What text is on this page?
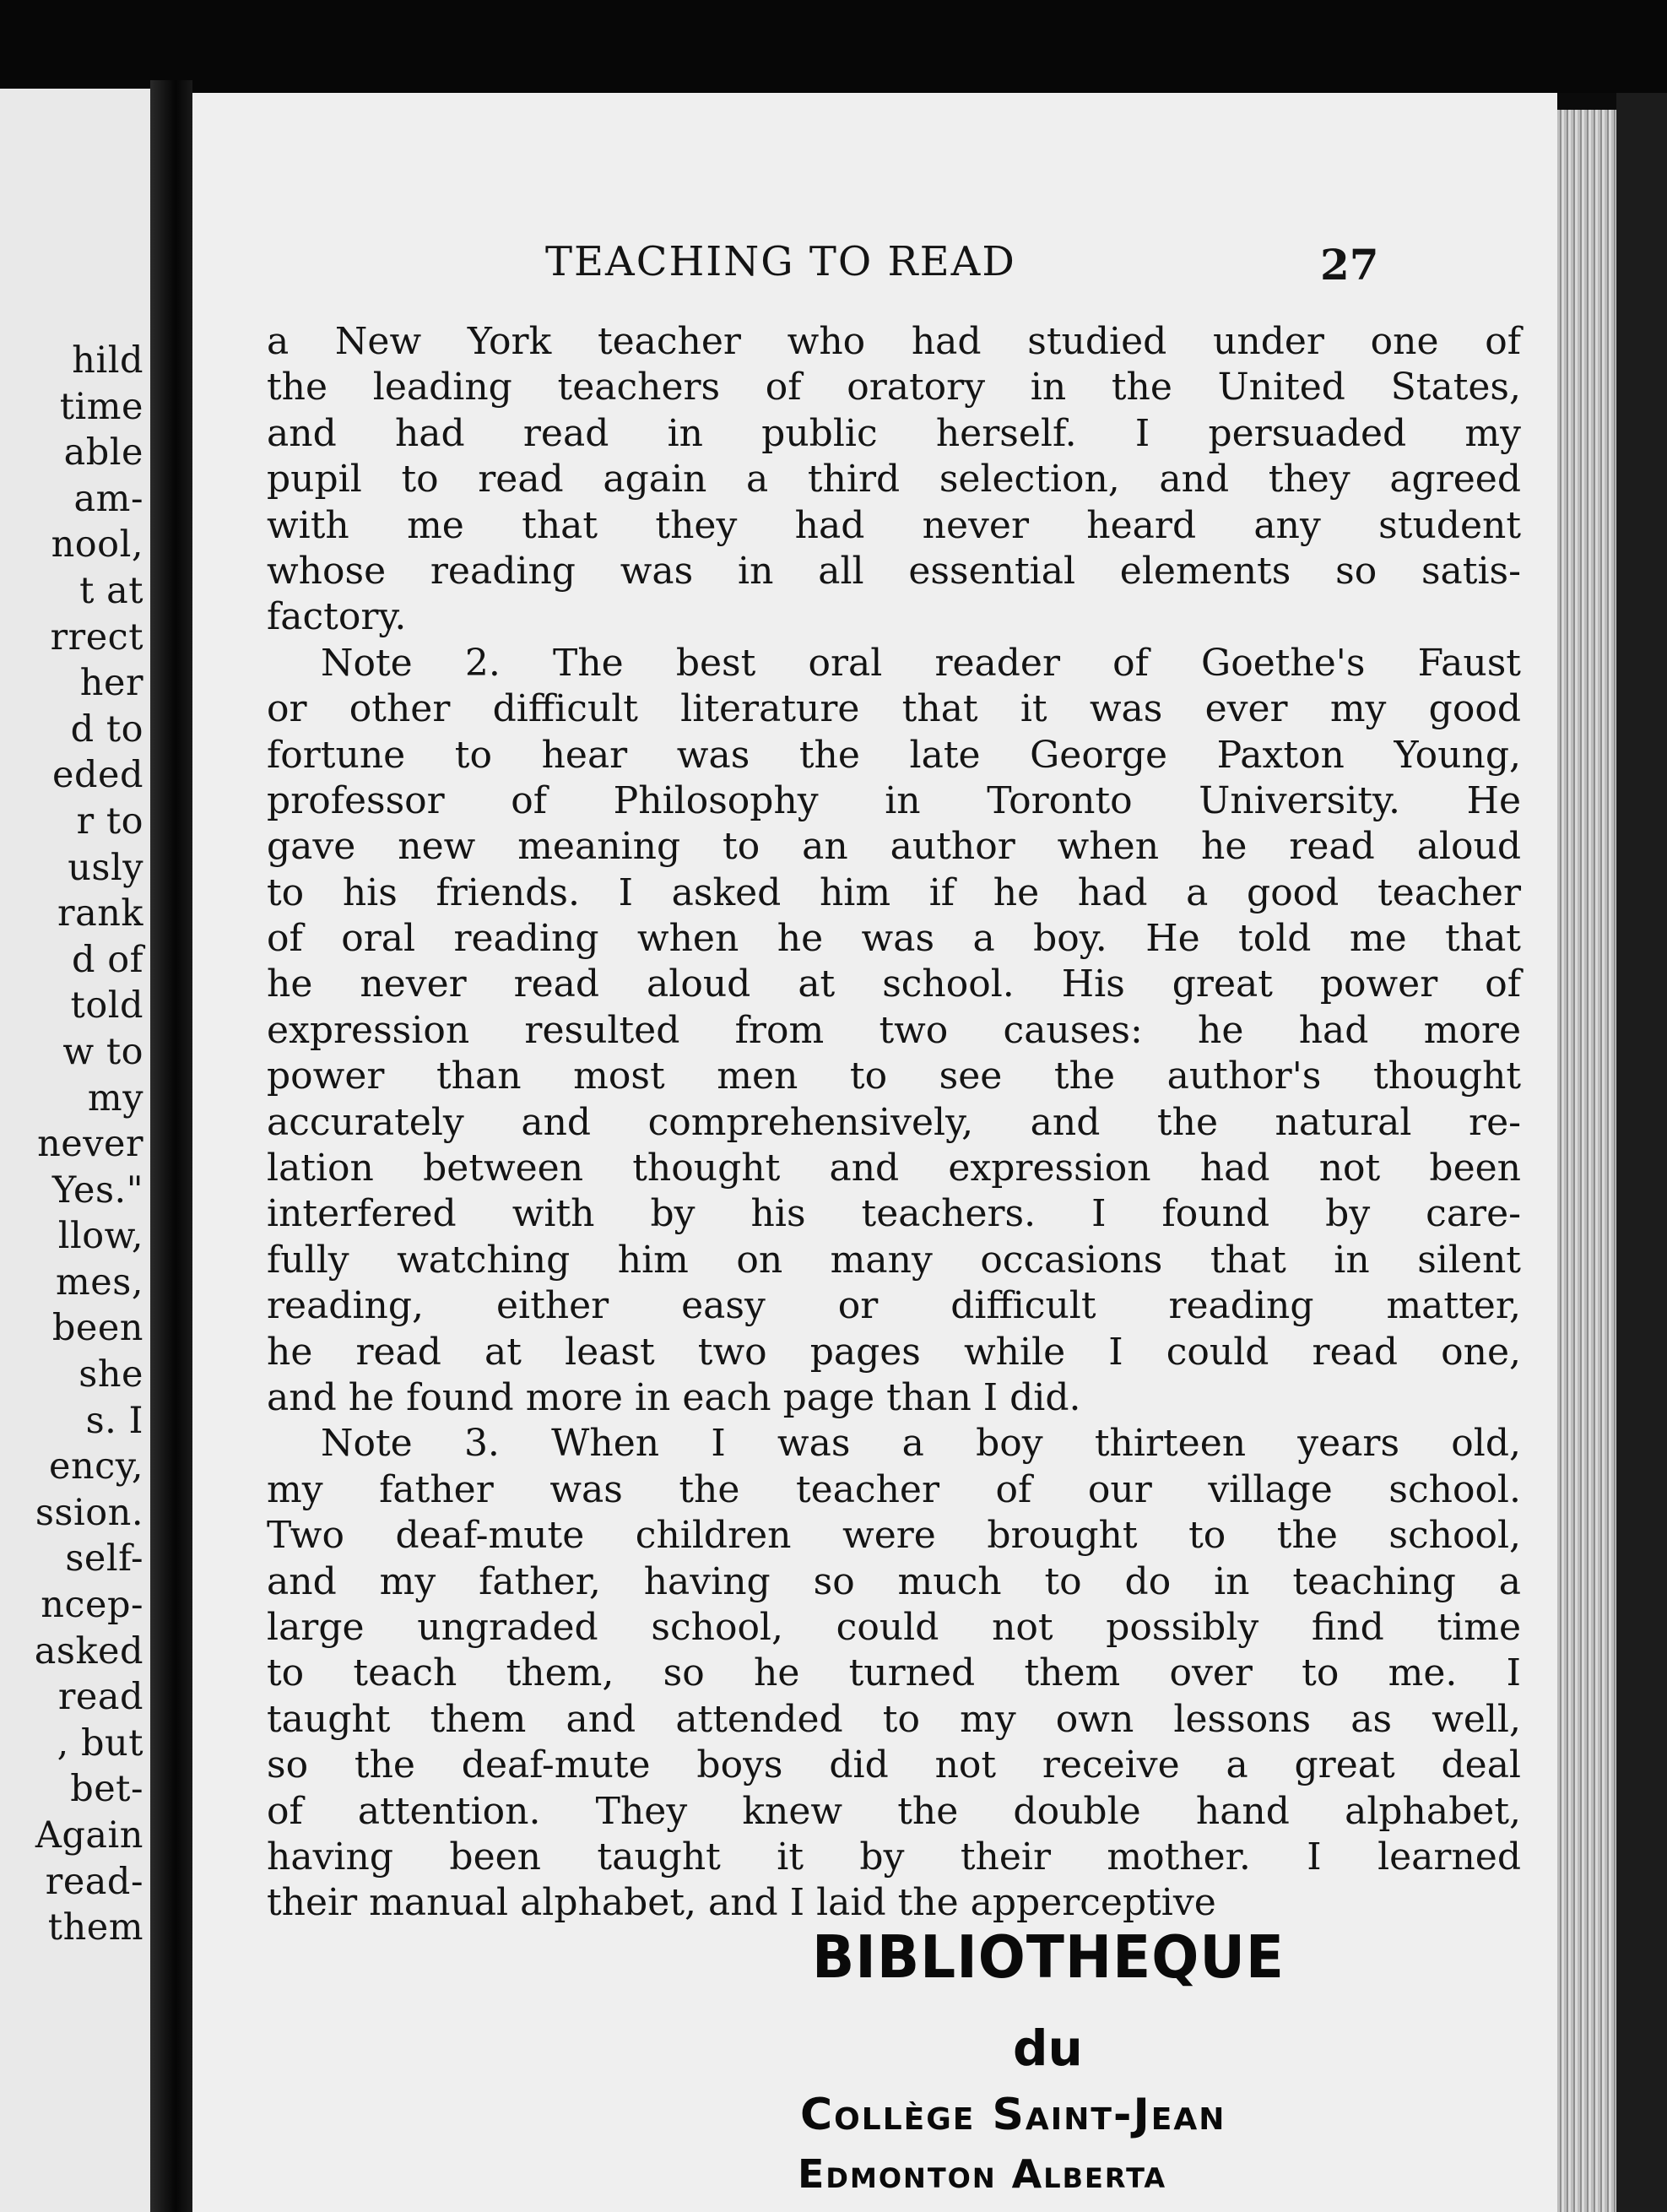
hild
time
able
am-
nool,
t at
rrect
her
d to
eded
r to
usly
rank
d of
told
w to
my
never
Yes."
llow,
mes,
been
she
s. I
ency,
ssion.
self-
ncep-
asked
read
, but
bet-
Again
read-
them
TEACHING TO READ	27
a New York teacher who had studied under one of
the leading teachers of oratory in the United States,
and had read in public herself. I persuaded my
pupil to read again a third selection, and they agreed
with me that they had never heard any student
whose reading was in all essential elements so satis-
factory.
Note 2. The best oral reader of Goethe's Faust
or other difficult literature that it was ever my good
fortune to hear was the late George Paxton Young,
professor of Philosophy in Toronto University. He
gave new meaning to an author when he read aloud
to his friends. I asked him if he had a good teacher
of oral reading when he was a boy. He told me that
he never read aloud at school. His great power of
expression resulted from two causes: he had more
power than most men to see the author's thought
accurately and comprehensively, and the natural re-
lation between thought and expression had not been
interfered with by his teachers. I found by care-
fully watching him on many occasions that in silent
reading, either easy or difficult reading matter,
he read at least two pages while I could read one,
and he found more in each page than I did.
Note 3. When I was a boy thirteen years old,
my father was the teacher of our village school.
Two deaf-mute children were brought to the school,
and my father, having so much to do in teaching a
large ungraded school, could not possibly find time
to teach them, so he turned them over to me. I
taught them and attended to my own lessons as well,
so the deaf-mute boys did not receive a great deal
of attention. They knew the double hand alphabet,
having been taught it by their mother. I learned
their manual alphabet, and I laid the apperceptive
BIBLIOTHEQUE
du
Collège Saint-Jean
Edmonton Alberta
